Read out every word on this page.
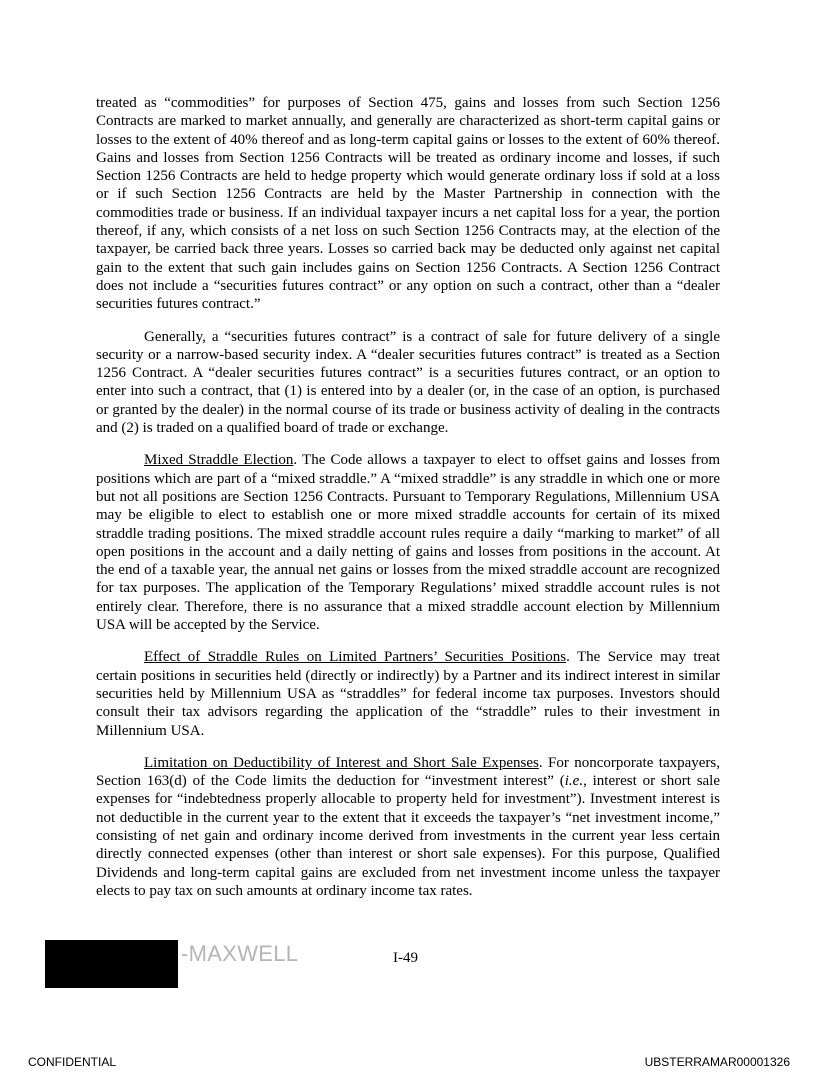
treated as “commodities” for purposes of Section 475, gains and losses from such Section 1256 Contracts are marked to market annually, and generally are characterized as short-term capital gains or losses to the extent of 40% thereof and as long-term capital gains or losses to the extent of 60% thereof. Gains and losses from Section 1256 Contracts will be treated as ordinary income and losses, if such Section 1256 Contracts are held to hedge property which would generate ordinary loss if sold at a loss or if such Section 1256 Contracts are held by the Master Partnership in connection with the commodities trade or business. If an individual taxpayer incurs a net capital loss for a year, the portion thereof, if any, which consists of a net loss on such Section 1256 Contracts may, at the election of the taxpayer, be carried back three years. Losses so carried back may be deducted only against net capital gain to the extent that such gain includes gains on Section 1256 Contracts. A Section 1256 Contract does not include a “securities futures contract” or any option on such a contract, other than a “dealer securities futures contract.”

Generally, a “securities futures contract” is a contract of sale for future delivery of a single security or a narrow-based security index. A “dealer securities futures contract” is treated as a Section 1256 Contract. A “dealer securities futures contract” is a securities futures contract, or an option to enter into such a contract, that (1) is entered into by a dealer (or, in the case of an option, is purchased or granted by the dealer) in the normal course of its trade or business activity of dealing in the contracts and (2) is traded on a qualified board of trade or exchange.

Mixed Straddle Election. The Code allows a taxpayer to elect to offset gains and losses from positions which are part of a “mixed straddle.” A “mixed straddle” is any straddle in which one or more but not all positions are Section 1256 Contracts. Pursuant to Temporary Regulations, Millennium USA may be eligible to elect to establish one or more mixed straddle accounts for certain of its mixed straddle trading positions. The mixed straddle account rules require a daily “marking to market” of all open positions in the account and a daily netting of gains and losses from positions in the account. At the end of a taxable year, the annual net gains or losses from the mixed straddle account are recognized for tax purposes. The application of the Temporary Regulations’ mixed straddle account rules is not entirely clear. Therefore, there is no assurance that a mixed straddle account election by Millennium USA will be accepted by the Service.

Effect of Straddle Rules on Limited Partners’ Securities Positions. The Service may treat certain positions in securities held (directly or indirectly) by a Partner and its indirect interest in similar securities held by Millennium USA as “straddles” for federal income tax purposes. Investors should consult their tax advisors regarding the application of the “straddle” rules to their investment in Millennium USA.

Limitation on Deductibility of Interest and Short Sale Expenses. For noncorporate taxpayers, Section 163(d) of the Code limits the deduction for “investment interest” (i.e., interest or short sale expenses for “indebtedness properly allocable to property held for investment”). Investment interest is not deductible in the current year to the extent that it exceeds the taxpayer’s “net investment income,” consisting of net gain and ordinary income derived from investments in the current year less certain directly connected expenses (other than interest or short sale expenses). For this purpose, Qualified Dividends and long-term capital gains are excluded from net investment income unless the taxpayer elects to pay tax on such amounts at ordinary income tax rates.

-MAXWELL	I-49
CONFIDENTIAL	UBSTERRAMAR00001326
